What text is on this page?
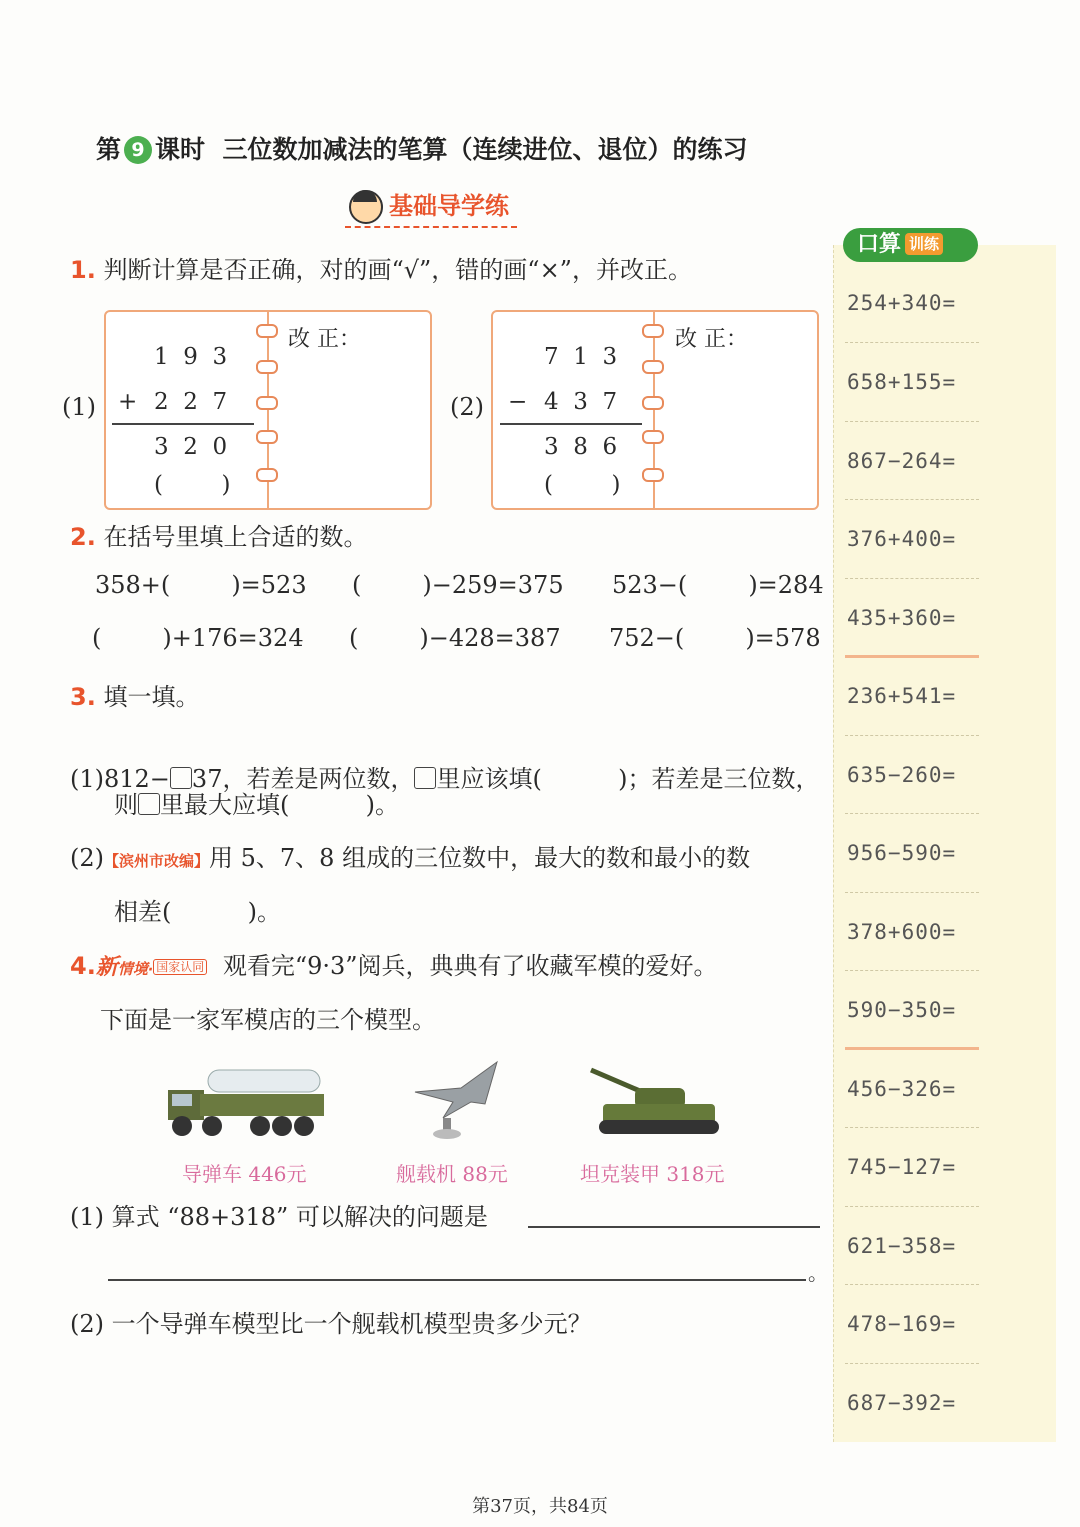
第 9 课时 三位数加减法的笔算（连续进位、退位）的练习
基础导学练
1. 判断计算是否正确，对的画“√”，错的画“×”，并改正。
(1)
1  9  3
+ 2  2  7
3  2  0
(        )
改 正：
(2)
7  1  3
− 4  3  7
3  8  6
(        )
改 正：
2. 在括号里填上合适的数。
358+(        )=523 (        )−259=375 523−(        )=284
(        )+176=324 (        )−428=387 752−(        )=578
3. 填一填。

(1)812− 37，若差是两位数， 里应该填(          )；若差是三位数，
则 里最大应填(          )。
(2)【滨州市改编】用 5、7、8 组成的三位数中，最大的数和最小的数
相差(          )。
4.新情境· 国家认同 观看完“9·3”阅兵，典典有了收藏军模的爱好。
下面是一家军模店的三个模型。
导弹车 446元	舰载机 88元	坦克装甲 318元
(1) 算式 “88+318” 可以解决的问题是
。
(2) 一个导弹车模型比一个舰载机模型贵多少元？
口算 训练
254+340=
658+155=
867−264=
376+400=
435+360=
236+541=
635−260=
956−590=
378+600=
590−350=
456−326=
745−127=
621−358=
478−169=
687−392=
第37页，共84页
